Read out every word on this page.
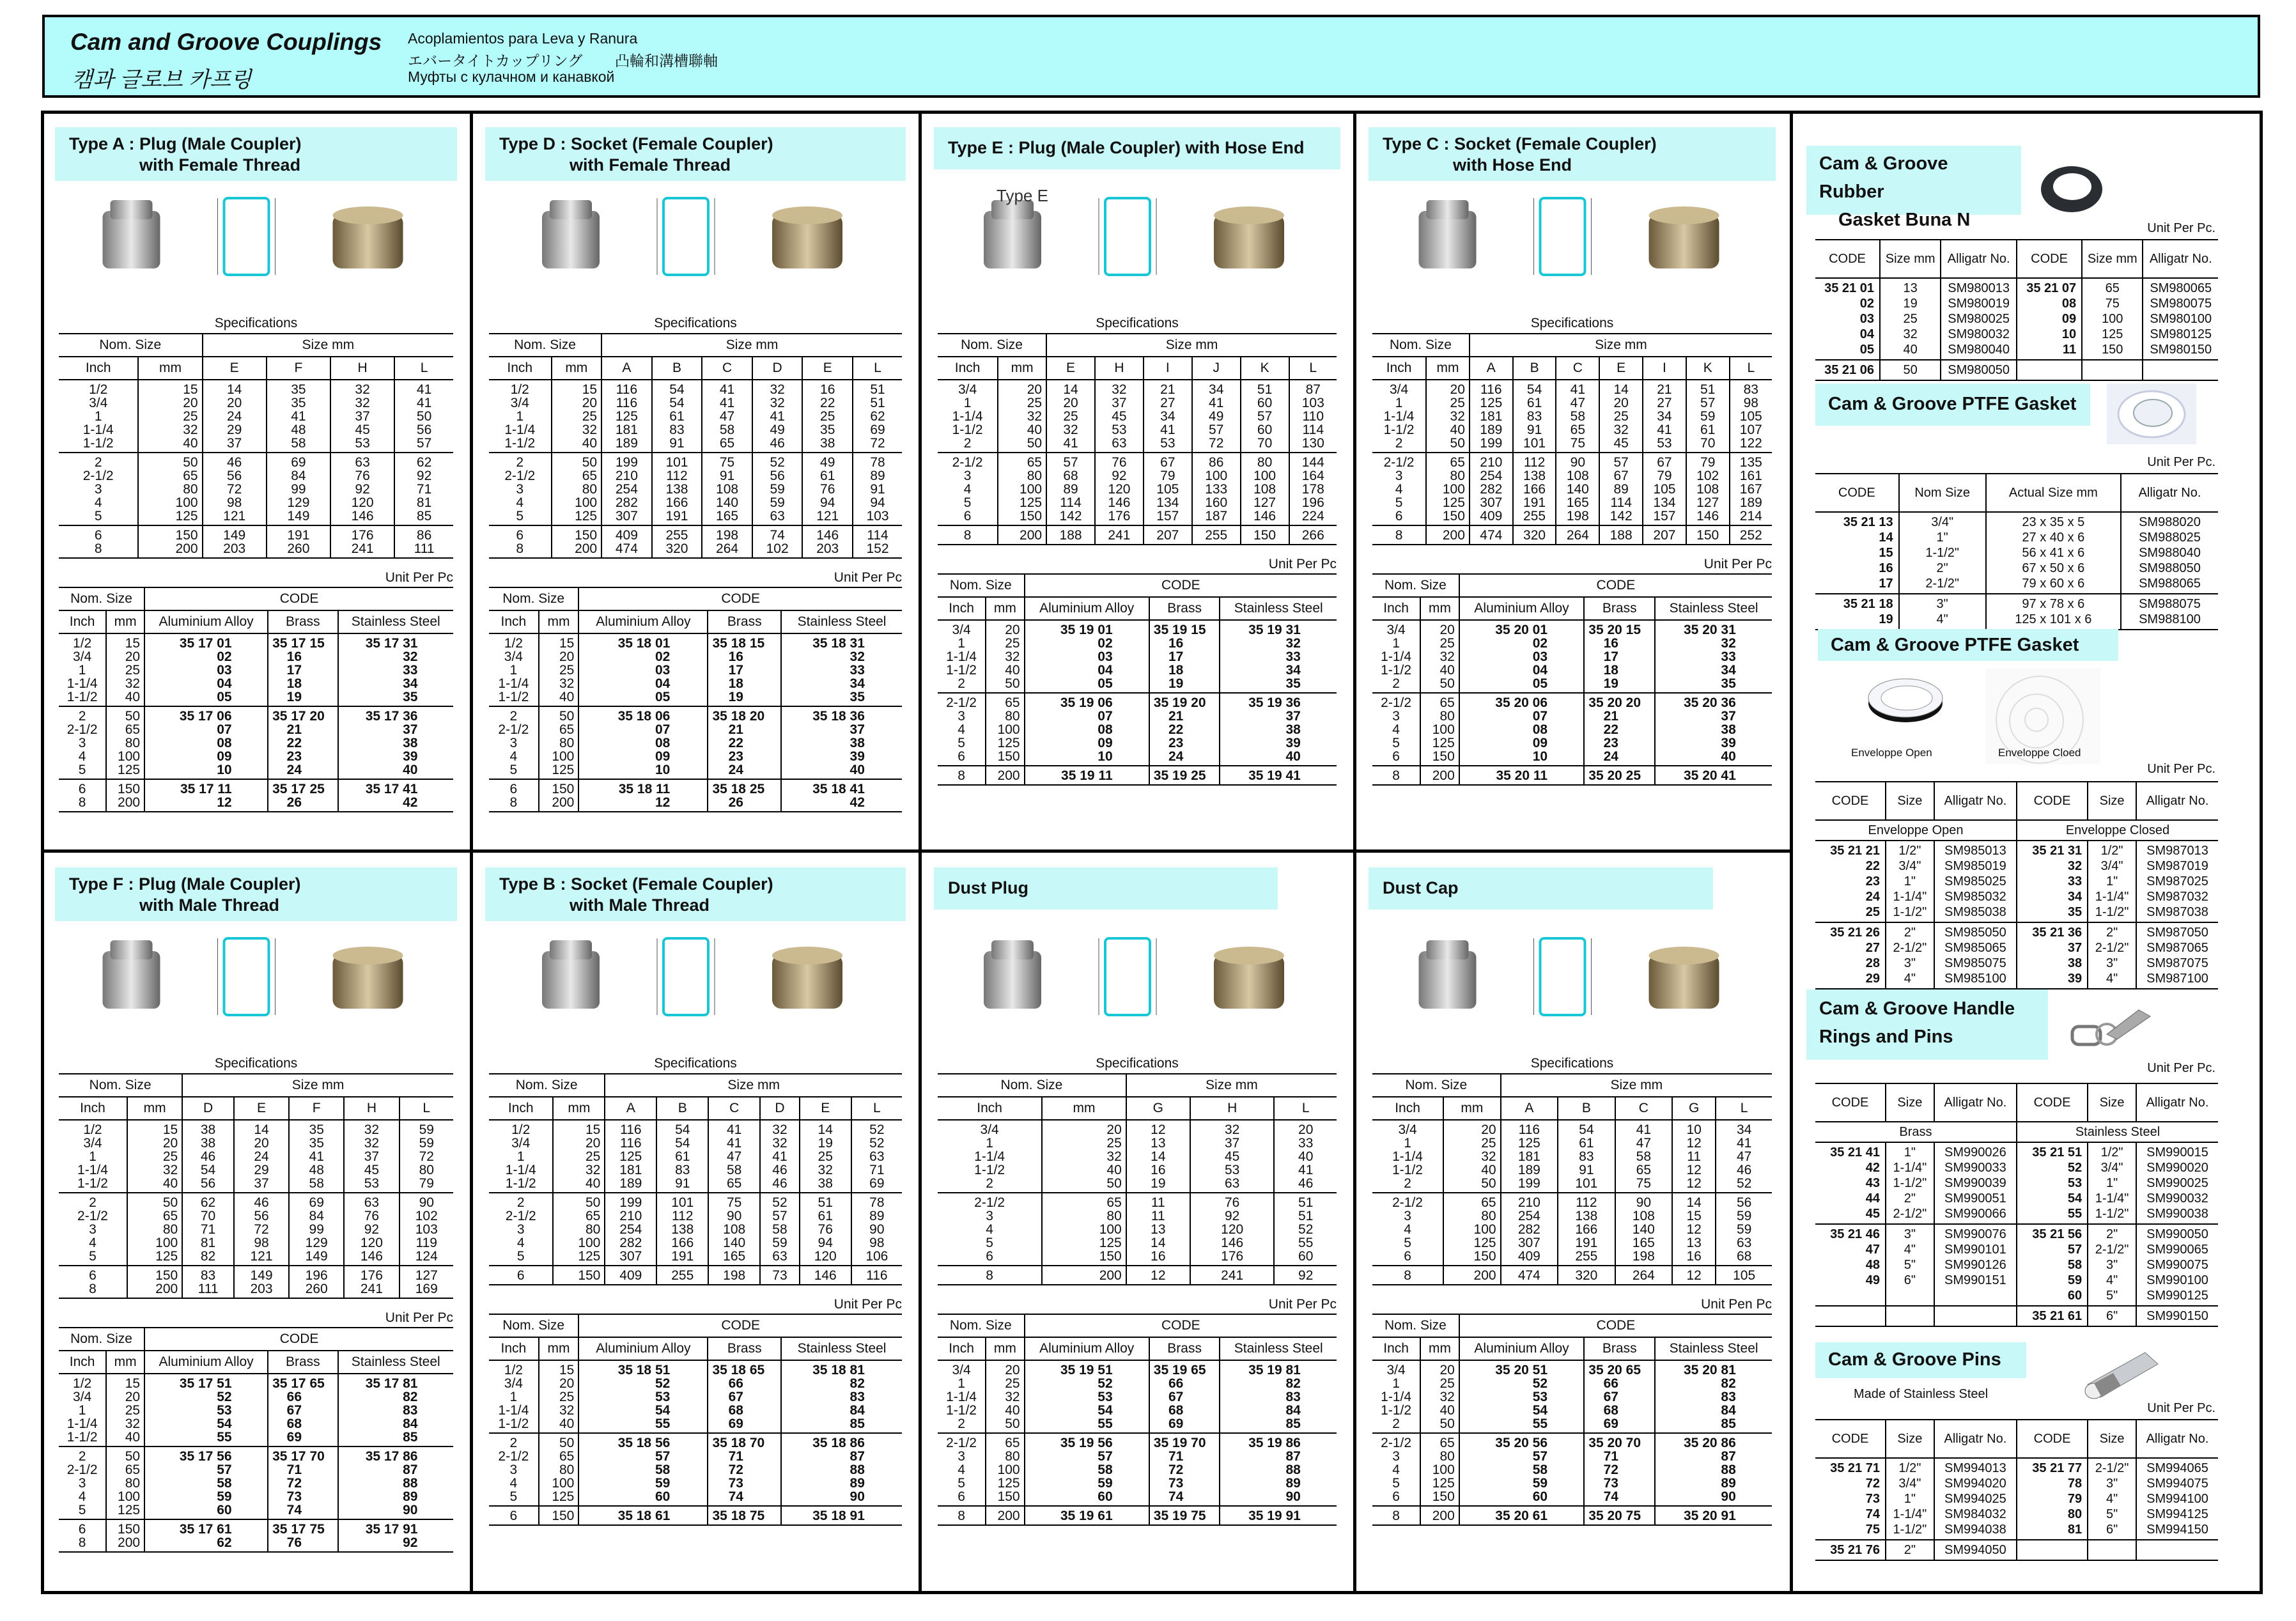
Cam and Groove Couplings
캠과 글로브 카프링
Acoplamientos para Leva y Ranura
エバータイトカップリング 凸輪和溝槽聯軸
Муфты с кулачном и канавкой
Type A : Plug (Male Coupler)
with Female Thread
Specifications
Nom. Size		Size mm			
Inch	mm	E	F	H	L
1/2	15	14	35	32	41
3/4	20	20	35	32	41
1	25	24	41	37	50
1-1/4	32	29	48	45	56
1-1/2	40	37	58	53	57
2	50	46	69	63	62
2-1/2	65	56	84	76	92
3	80	72	99	92	71
4	100	98	129	120	81
5	125	121	149	146	85
6	150	149	191	176	86
8	200	203	260	241	111
Unit Per Pc
Nom. Size		CODE		
Inch	mm	Aluminium Alloy	Brass	Stainless Steel
1/2	15	35 17 01	35 17 15	35 17 31
3/4	20	02	16	32
1	25	03	17	33
1-1/4	32	04	18	34
1-1/2	40	05	19	35
2	50	35 17 06	35 17 20	35 17 36
2-1/2	65	07	21	37
3	80	08	22	38
4	100	09	23	39
5	125	10	24	40
6	150	35 17 11	35 17 25	35 17 41
8	200	12	26	42
Type D : Socket (Female Coupler)
with Female Thread
Specifications
Nom. Size		Size mm					
Inch	mm	A	B	C	D	E	L
1/2	15	116	54	41	32	16	51
3/4	20	116	54	41	32	22	51
1	25	125	61	47	41	25	62
1-1/4	32	181	83	58	49	35	69
1-1/2	40	189	91	65	46	38	72
2	50	199	101	75	52	49	78
2-1/2	65	210	112	91	56	61	89
3	80	254	138	108	59	76	91
4	100	282	166	140	59	94	94
5	125	307	191	165	63	121	103
6	150	409	255	198	74	146	114
8	200	474	320	264	102	203	152
Unit Per Pc
Nom. Size		CODE		
Inch	mm	Aluminium Alloy	Brass	Stainless Steel
1/2	15	35 18 01	35 18 15	35 18 31
3/4	20	02	16	32
1	25	03	17	33
1-1/4	32	04	18	34
1-1/2	40	05	19	35
2	50	35 18 06	35 18 20	35 18 36
2-1/2	65	07	21	37
3	80	08	22	38
4	100	09	23	39
5	125	10	24	40
6	150	35 18 11	35 18 25	35 18 41
8	200	12	26	42
Type E : Plug (Male Coupler) with Hose End
Type E
Specifications
Nom. Size		Size mm					
Inch	mm	E	H	I	J	K	L
3/4	20	14	32	21	34	51	87
1	25	20	37	27	41	60	103
1-1/4	32	25	45	34	49	57	110
1-1/2	40	32	53	41	57	60	114
2	50	41	63	53	72	70	130
2-1/2	65	57	76	67	86	80	144
3	80	68	92	79	100	100	164
4	100	89	120	105	133	108	178
5	125	114	146	134	160	127	196
6	150	142	176	157	187	146	224
8	200	188	241	207	255	150	266
Unit Per Pc
Nom. Size		CODE		
Inch	mm	Aluminium Alloy	Brass	Stainless Steel
3/4	20	35 19 01	35 19 15	35 19 31
1	25	02	16	32
1-1/4	32	03	17	33
1-1/2	40	04	18	34
2	50	05	19	35
2-1/2	65	35 19 06	35 19 20	35 19 36
3	80	07	21	37
4	100	08	22	38
5	125	09	23	39
6	150	10	24	40
8	200	35 19 11	35 19 25	35 19 41
Type C : Socket (Female Coupler)
with Hose End
Specifications
Nom. Size		Size mm						
Inch	mm	A	B	C	E	I	K	L
3/4	20	116	54	41	14	21	51	83
1	25	125	61	47	20	27	57	98
1-1/4	32	181	83	58	25	34	59	105
1-1/2	40	189	91	65	32	41	61	107
2	50	199	101	75	45	53	70	122
2-1/2	65	210	112	90	57	67	79	135
3	80	254	138	108	67	79	102	161
4	100	282	166	140	89	105	108	167
5	125	307	191	165	114	134	127	189
6	150	409	255	198	142	157	146	214
8	200	474	320	264	188	207	150	252
Unit Per Pc
Nom. Size		CODE		
Inch	mm	Aluminium Alloy	Brass	Stainless Steel
3/4	20	35 20 01	35 20 15	35 20 31
1	25	02	16	32
1-1/4	32	03	17	33
1-1/2	40	04	18	34
2	50	05	19	35
2-1/2	65	35 20 06	35 20 20	35 20 36
3	80	07	21	37
4	100	08	22	38
5	125	09	23	39
6	150	10	24	40
8	200	35 20 11	35 20 25	35 20 41
Type F : Plug (Male Coupler)
with Male Thread
Specifications
Nom. Size		Size mm				
Inch	mm	D	E	F	H	L
1/2	15	38	14	35	32	59
3/4	20	38	20	35	32	59
1	25	46	24	41	37	72
1-1/4	32	54	29	48	45	80
1-1/2	40	56	37	58	53	79
2	50	62	46	69	63	90
2-1/2	65	70	56	84	76	102
3	80	71	72	99	92	103
4	100	81	98	129	120	119
5	125	82	121	149	146	124
6	150	83	149	196	176	127
8	200	111	203	260	241	169
Unit Per Pc
Nom. Size		CODE		
Inch	mm	Aluminium Alloy	Brass	Stainless Steel
1/2	15	35 17 51	35 17 65	35 17 81
3/4	20	52	66	82
1	25	53	67	83
1-1/4	32	54	68	84
1-1/2	40	55	69	85
2	50	35 17 56	35 17 70	35 17 86
2-1/2	65	57	71	87
3	80	58	72	88
4	100	59	73	89
5	125	60	74	90
6	150	35 17 61	35 17 75	35 17 91
8	200	62	76	92
Type B : Socket (Female Coupler)
with Male Thread
Specifications
Nom. Size		Size mm					
Inch	mm	A	B	C	D	E	L
1/2	15	116	54	41	32	14	52
3/4	20	116	54	41	32	19	52
1	25	125	61	47	41	25	63
1-1/4	32	181	83	58	46	32	71
1-1/2	40	189	91	65	46	38	69
2	50	199	101	75	52	51	78
2-1/2	65	210	112	90	57	61	89
3	80	254	138	108	58	76	90
4	100	282	166	140	59	94	98
5	125	307	191	165	63	120	106
6	150	409	255	198	73	146	116
Unit Per Pc
Nom. Size		CODE		
Inch	mm	Aluminium Alloy	Brass	Stainless Steel
1/2	15	35 18 51	35 18 65	35 18 81
3/4	20	52	66	82
1	25	53	67	83
1-1/4	32	54	68	84
1-1/2	40	55	69	85
2	50	35 18 56	35 18 70	35 18 86
2-1/2	65	57	71	87
3	80	58	72	88
4	100	59	73	89
5	125	60	74	90
6	150	35 18 61	35 18 75	35 18 91
Dust Plug
Specifications
Nom. Size		Size mm		
Inch	mm	G	H	L
3/4	20	12	32	20
1	25	13	37	33
1-1/4	32	14	45	40
1-1/2	40	16	53	41
2	50	19	63	46
2-1/2	65	11	76	51
3	80	11	92	51
4	100	13	120	52
5	125	14	146	55
6	150	16	176	60
8	200	12	241	92
Unit Per Pc
Nom. Size		CODE		
Inch	mm	Aluminium Alloy	Brass	Stainless Steel
3/4	20	35 19 51	35 19 65	35 19 81
1	25	52	66	82
1-1/4	32	53	67	83
1-1/2	40	54	68	84
2	50	55	69	85
2-1/2	65	35 19 56	35 19 70	35 19 86
3	80	57	71	87
4	100	58	72	88
5	125	59	73	89
6	150	60	74	90
8	200	35 19 61	35 19 75	35 19 91
Dust Cap
Specifications
Nom. Size		Size mm				
Inch	mm	A	B	C	G	L
3/4	20	116	54	41	10	34
1	25	125	61	47	12	41
1-1/4	32	181	83	58	11	47
1-1/2	40	189	91	65	12	46
2	50	199	101	75	12	52
2-1/2	65	210	112	90	14	56
3	80	254	138	108	15	59
4	100	282	166	140	12	59
5	125	307	191	165	13	63
6	150	409	255	198	16	68
8	200	474	320	264	12	105
Unit Pen Pc
Nom. Size		CODE		
Inch	mm	Aluminium Alloy	Brass	Stainless Steel
3/4	20	35 20 51	35 20 65	35 20 81
1	25	52	66	82
1-1/4	32	53	67	83
1-1/2	40	54	68	84
2	50	55	69	85
2-1/2	65	35 20 56	35 20 70	35 20 86
3	80	57	71	87
4	100	58	72	88
5	125	59	73	89
6	150	60	74	90
8	200	35 20 61	35 20 75	35 20 91
Cam & Groove Rubber
Gasket Buna N	Unit Per Pc.
CODE	Size mm	Alligatr No.	CODE	Size mm	Alligatr No.
35 21 01	13	SM980013	35 21 07	65	SM980065
02	19	SM980019	08	75	SM980075
03	25	SM980025	09	100	SM980100
04	32	SM980032	10	125	SM980125
05	40	SM980040	11	150	SM980150
35 21 06	50	SM980050			
Cam & Groove PTFE Gasket
Unit Per Pc.
CODE	Nom Size	Actual Size mm	Alligatr No.
35 21 13	3/4"	23 x 35 x 5	SM988020
14	1"	27 x 40 x 6	SM988025
15	1-1/2"	56 x 41 x 6	SM988040
16	2"	67 x 50 x 6	SM988050
17	2-1/2"	79 x 60 x 6	SM988065
35 21 18	3"	97 x 78 x 6	SM988075
19	4"	125 x 101 x 6	SM988100
Cam & Groove PTFE Gasket
Enveloppe Open	Enveloppe Cloed
Unit Per Pc.
CODE	Size	Alligatr No.	CODE	Size	Alligatr No.
Enveloppe Open			Enveloppe Closed		
35 21 21	1/2"	SM985013	35 21 31	1/2"	SM987013
22	3/4"	SM985019	32	3/4"	SM987019
23	1"	SM985025	33	1"	SM987025
24	1-1/4"	SM985032	34	1-1/4"	SM987032
25	1-1/2"	SM985038	35	1-1/2"	SM987038
35 21 26	2"	SM985050	35 21 36	2"	SM987050
27	2-1/2"	SM985065	37	2-1/2"	SM987065
28	3"	SM985075	38	3"	SM987075
29	4"	SM985100	39	4"	SM987100
Cam & Groove Handle
Rings and Pins
Unit Per Pc.
CODE	Size	Alligatr No.	CODE	Size	Alligatr No.
Brass			Stainless Steel		
35 21 41	1"	SM990026	35 21 51	1/2"	SM990015
42	1-1/4"	SM990033	52	3/4"	SM990020
43	1-1/2"	SM990039	53	1"	SM990025
44	2"	SM990051	54	1-1/4"	SM990032
45	2-1/2"	SM990066	55	1-1/2"	SM990038
35 21 46	3"	SM990076	35 21 56	2"	SM990050
47	4"	SM990101	57	2-1/2"	SM990065
48	5"	SM990126	58	3"	SM990075
49	6"	SM990151	59	4"	SM990100
			60	5"	SM990125
			35 21 61	6"	SM990150
Cam & Groove Pins
Made of Stainless Steel
Unit Per Pc.
CODE	Size	Alligatr No.	CODE	Size	Alligatr No.
35 21 71	1/2"	SM994013	35 21 77	2-1/2"	SM994065
72	3/4"	SM994020	78	3"	SM994075
73	1"	SM994025	79	4"	SM994100
74	1-1/4"	SM984032	80	5"	SM994125
75	1-1/2"	SM994038	81	6"	SM994150
35 21 76	2"	SM994050			
